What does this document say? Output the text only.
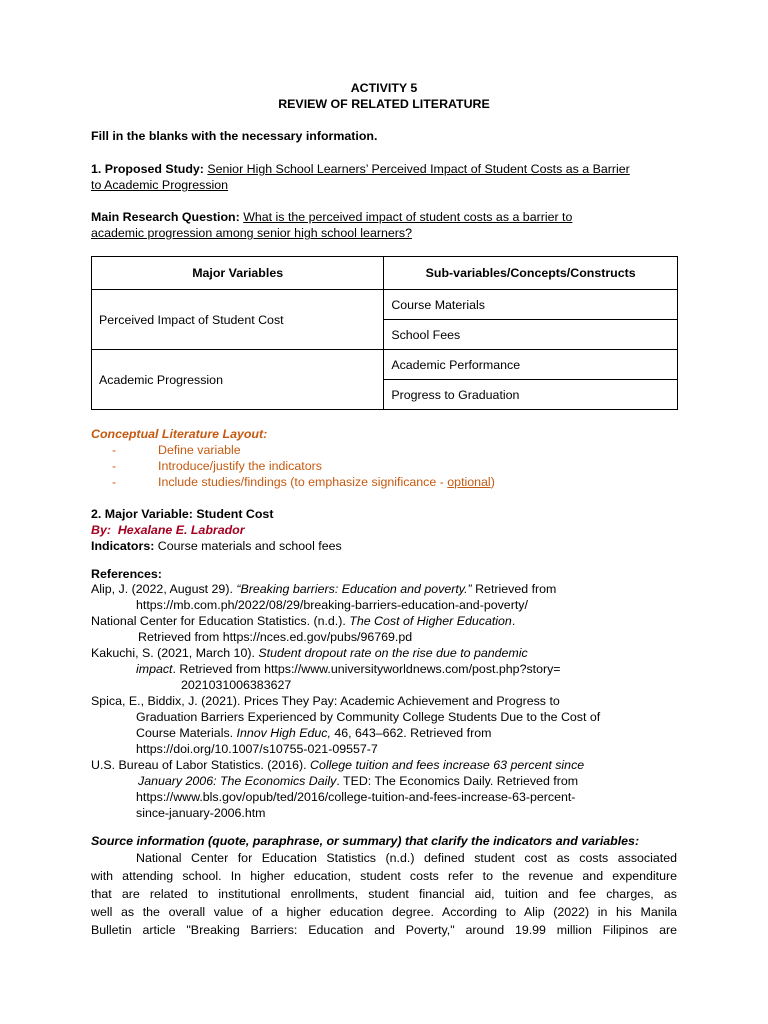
ACTIVITY 5
REVIEW OF RELATED LITERATURE
Fill in the blanks with the necessary information.
1. Proposed Study: Senior High School Learners’ Perceived Impact of Student Costs as a Barrier
to Academic Progression
Main Research Question: What is the perceived impact of student costs as a barrier to
academic progression among senior high school learners?
Major Variables	Sub-variables/Concepts/Constructs
Perceived Impact of Student Cost	Course Materials
	School Fees
Academic Progression	Academic Performance
	Progress to Graduation
Conceptual Literature Layout:
-	Define variable
-	Introduce/justify the indicators
-	Include studies/findings (to emphasize significance - optional)
2. Major Variable: Student Cost
By: Hexalane E. Labrador
Indicators: Course materials and school fees
References:
Alip, J. (2022, August 29). “Breaking barriers: Education and poverty.” Retrieved from
https://mb.com.ph/2022/08/29/breaking-barriers-education-and-poverty/
National Center for Education Statistics. (n.d.). The Cost of Higher Education.
Retrieved from https://nces.ed.gov/pubs/96769.pd
Kakuchi, S. (2021, March 10). Student dropout rate on the rise due to pandemic
impact. Retrieved from https://www.universityworldnews.com/post.php?story=
2021031006383627
Spica, E., Biddix, J. (2021). Prices They Pay: Academic Achievement and Progress to
Graduation Barriers Experienced by Community College Students Due to the Cost of
Course Materials. Innov High Educ, 46, 643–662. Retrieved from
https://doi.org/10.1007/s10755-021-09557-7
U.S. Bureau of Labor Statistics. (2016). College tuition and fees increase 63 percent since
January 2006: The Economics Daily. TED: The Economics Daily. Retrieved from
https://www.bls.gov/opub/ted/2016/college-tuition-and-fees-increase-63-percent-
since-january-2006.htm
Source information (quote, paraphrase, or summary) that clarify the indicators and variables:
National Center for Education Statistics (n.d.) defined student cost as costs associated
with attending school. In higher education, student costs refer to the revenue and expenditure
that are related to institutional enrollments, student financial aid, tuition and fee charges, as
well as the overall value of a higher education degree. According to Alip (2022) in his Manila
Bulletin article "Breaking Barriers: Education and Poverty," around 19.99 million Filipinos are
